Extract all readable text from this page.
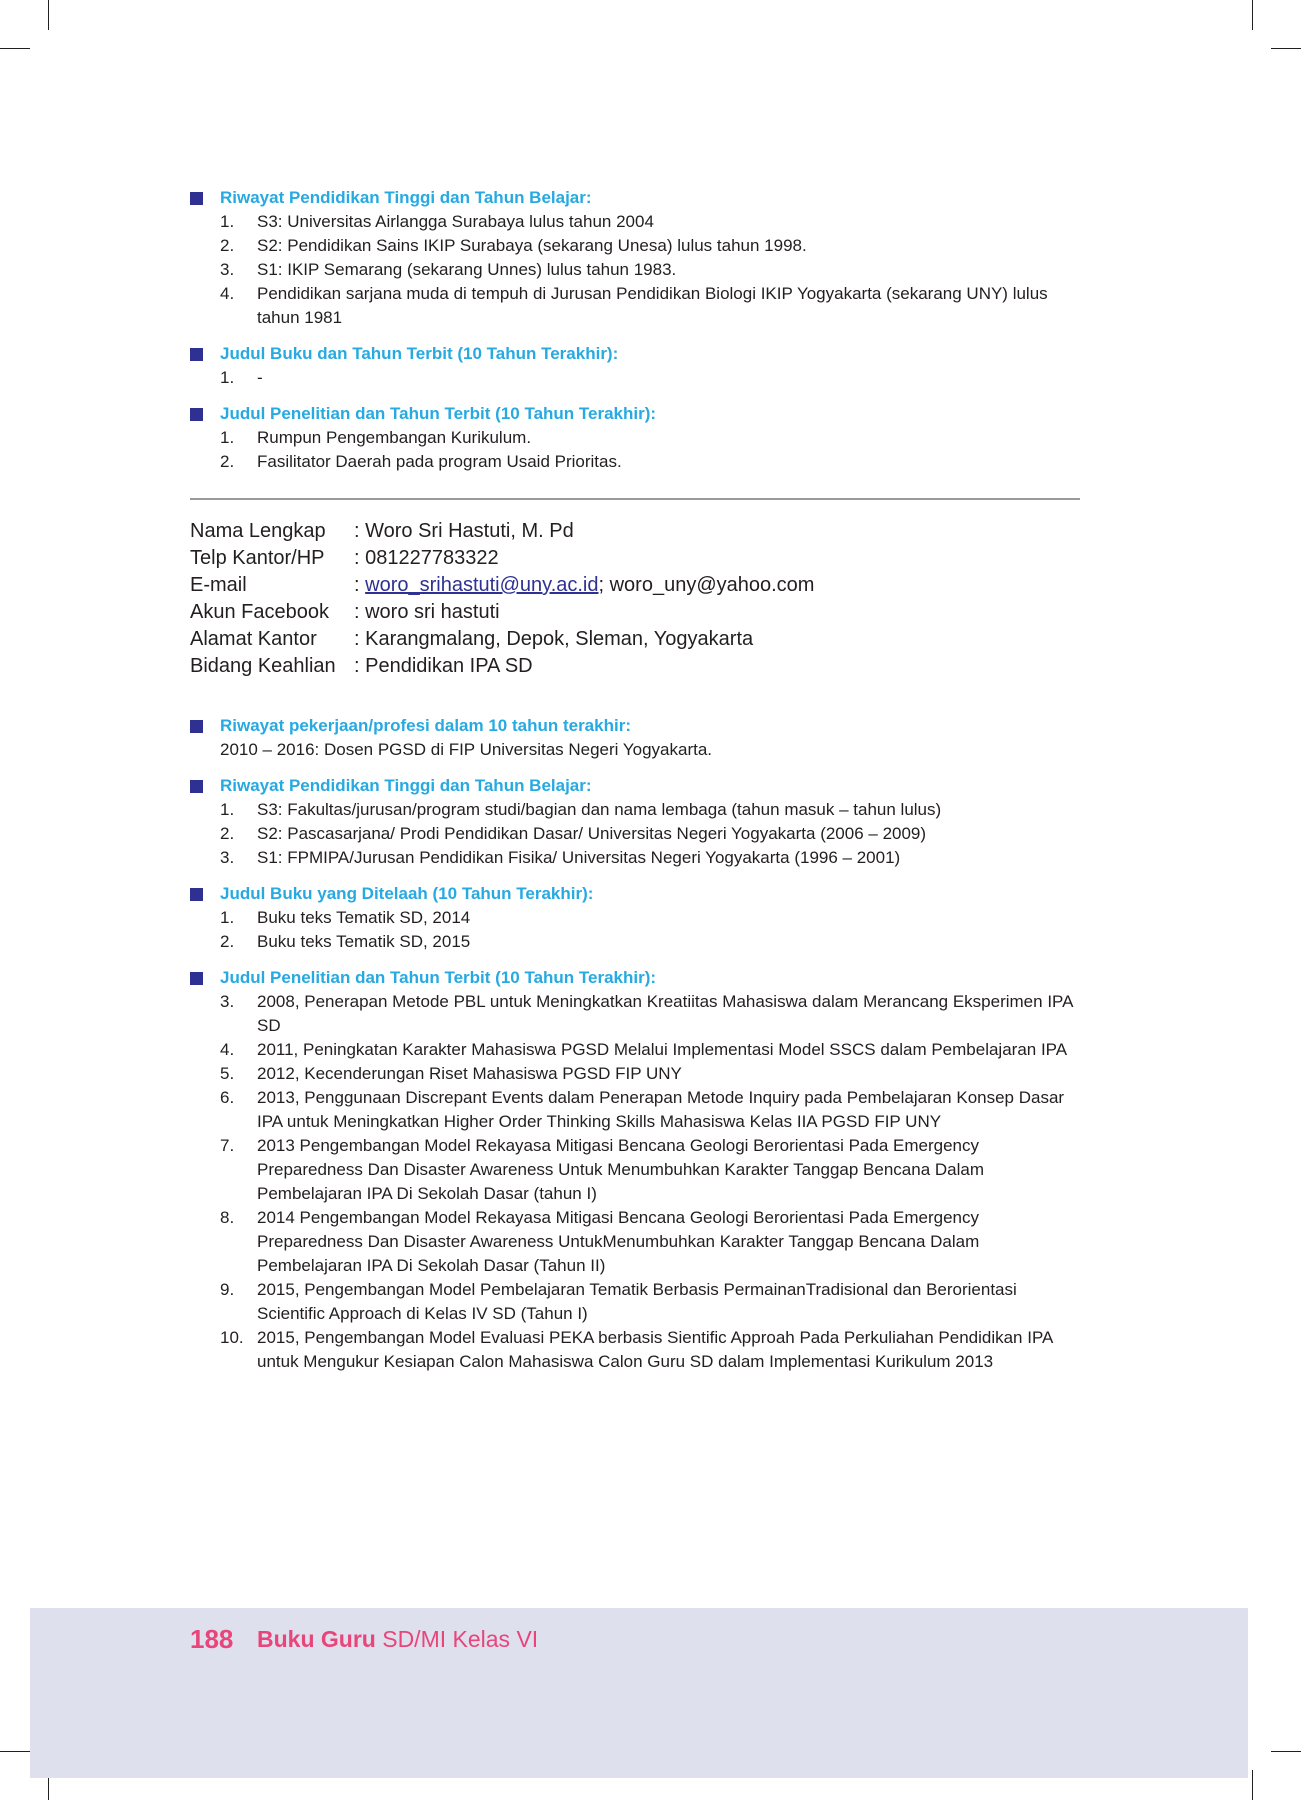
Riwayat Pendidikan Tinggi dan Tahun Belajar:
1. S3: Universitas Airlangga Surabaya lulus tahun 2004
2. S2: Pendidikan Sains IKIP Surabaya (sekarang Unesa) lulus tahun 1998.
3. S1: IKIP Semarang (sekarang Unnes) lulus tahun 1983.
4. Pendidikan sarjana muda di tempuh di Jurusan Pendidikan Biologi IKIP Yogyakarta (sekarang UNY) lulus tahun 1981
Judul Buku dan Tahun Terbit (10 Tahun Terakhir):
1. -
Judul Penelitian dan Tahun Terbit (10 Tahun Terakhir):
1. Rumpun Pengembangan Kurikulum.
2. Fasilitator Daerah pada program Usaid Prioritas.
Nama Lengkap	: Woro Sri Hastuti, M. Pd
Telp Kantor/HP	: 081227783322
E-mail	: woro_srihastuti@uny.ac.id; woro_uny@yahoo.com
Akun Facebook	: woro sri hastuti
Alamat Kantor	: Karangmalang, Depok, Sleman, Yogyakarta
Bidang Keahlian : Pendidikan IPA SD
Riwayat pekerjaan/profesi dalam 10 tahun terakhir:
2010 – 2016: Dosen PGSD di FIP Universitas Negeri Yogyakarta.
Riwayat Pendidikan Tinggi dan Tahun Belajar:
1. S3: Fakultas/jurusan/program studi/bagian dan nama lembaga (tahun masuk – tahun lulus)
2. S2: Pascasarjana/ Prodi Pendidikan Dasar/ Universitas Negeri Yogyakarta (2006 – 2009)
3. S1: FPMIPA/Jurusan Pendidikan Fisika/ Universitas Negeri Yogyakarta (1996 – 2001)
Judul Buku yang Ditelaah (10 Tahun Terakhir):
1. Buku teks Tematik SD, 2014
2. Buku teks Tematik SD, 2015
Judul Penelitian dan Tahun Terbit (10 Tahun Terakhir):
3. 2008, Penerapan Metode PBL untuk Meningkatkan Kreatiitas Mahasiswa dalam Merancang Eksperimen IPA SD
4. 2011, Peningkatan Karakter Mahasiswa PGSD Melalui Implementasi Model SSCS dalam Pembelajaran IPA
5. 2012, Kecenderungan Riset Mahasiswa PGSD FIP UNY
6. 2013, Penggunaan Discrepant Events dalam Penerapan Metode Inquiry pada Pembelajaran Konsep Dasar IPA untuk Meningkatkan Higher Order Thinking Skills Mahasiswa Kelas IIA PGSD FIP UNY
7. 2013 Pengembangan Model Rekayasa Mitigasi Bencana Geologi Berorientasi Pada Emergency Preparedness Dan Disaster Awareness Untuk Menumbuhkan Karakter Tanggap Bencana Dalam Pembelajaran IPA Di Sekolah Dasar (tahun I)
8. 2014 Pengembangan Model Rekayasa Mitigasi Bencana Geologi Berorientasi Pada Emergency Preparedness Dan Disaster Awareness UntukMenumbuhkan Karakter Tanggap Bencana Dalam Pembelajaran IPA Di Sekolah Dasar (Tahun II)
9. 2015, Pengembangan Model Pembelajaran Tematik Berbasis PermainanTradisional dan Berorientasi Scientific Approach di Kelas IV SD (Tahun I)
10. 2015, Pengembangan Model Evaluasi PEKA berbasis Sientific Approah Pada Perkuliahan Pendidikan IPA untuk Mengukur Kesiapan Calon Mahasiswa Calon Guru SD dalam Implementasi Kurikulum 2013
188 Buku Guru SD/MI Kelas VI
